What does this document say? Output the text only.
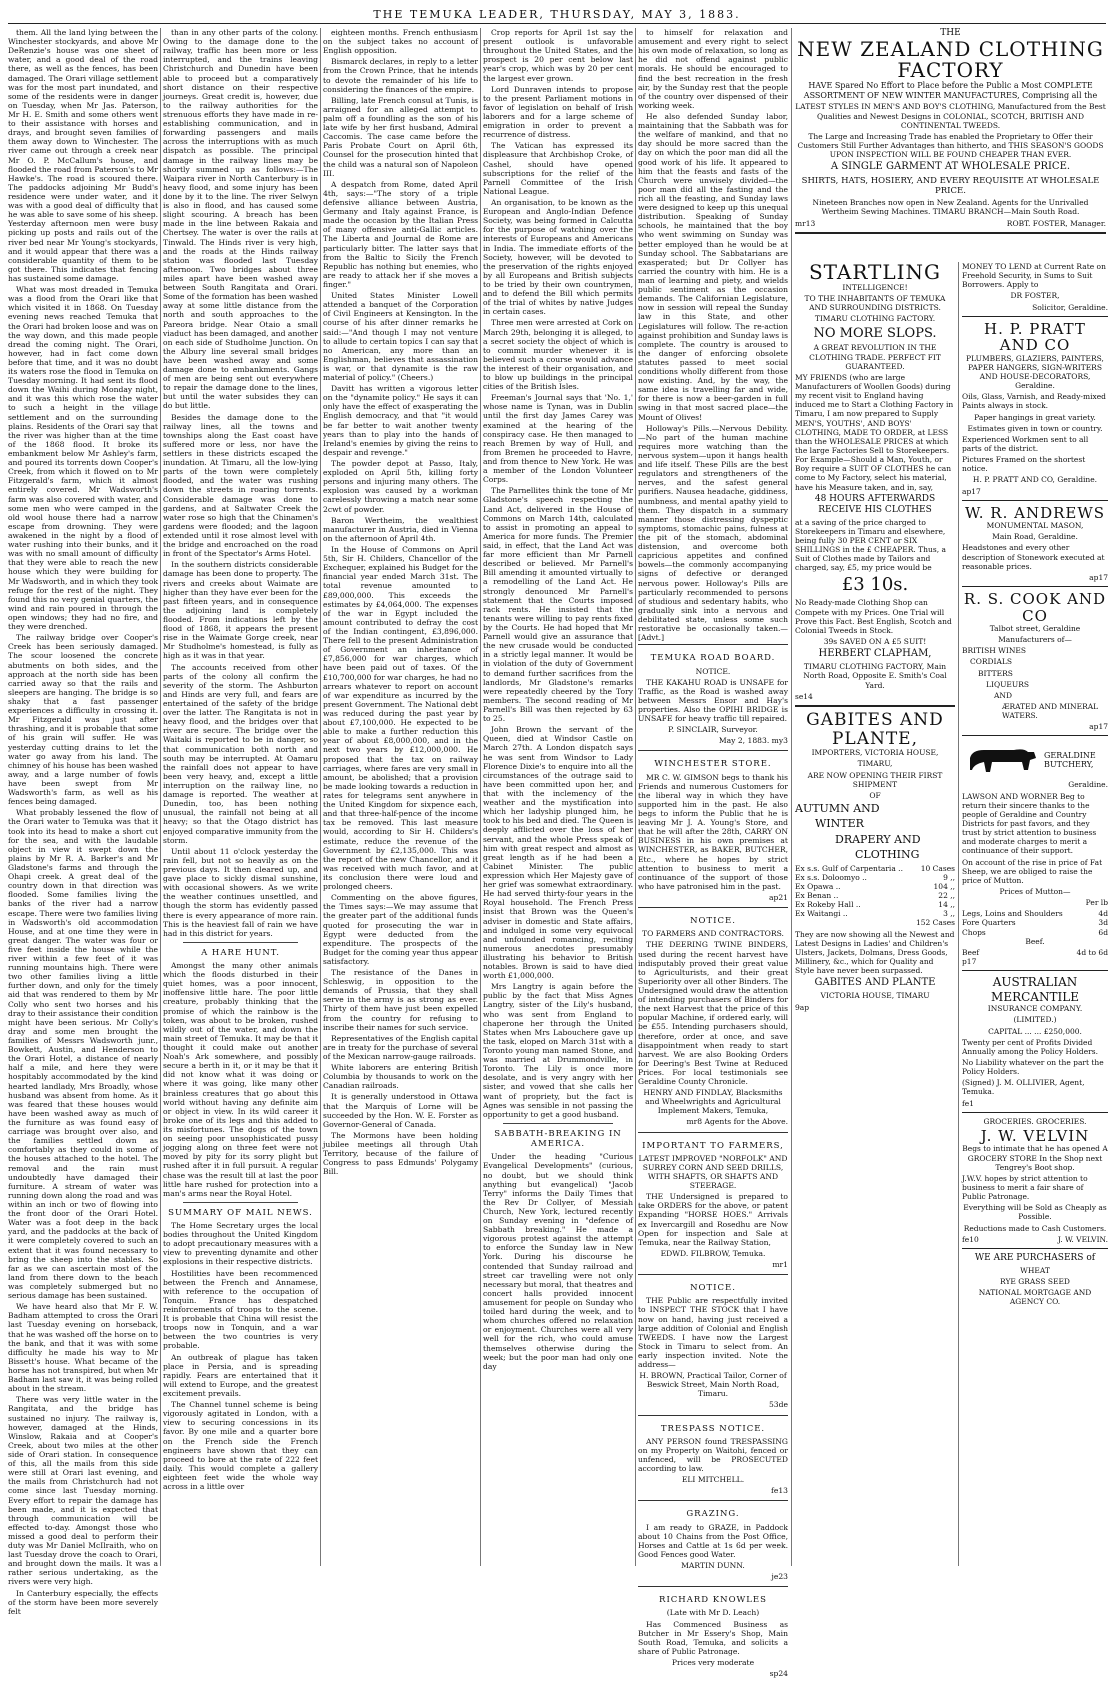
THE TEMUKA LEADER, THURSDAY, MAY 3, 1883.

them. All the land lying between the Winchester stockyards, and above Mr DeRenzie's house was one sheet of water, and a good deal of the road there, as well as the fences, has been damaged. The Orari village settlement was for the most part inundated, and some of the residents were in danger on Tuesday, when Mr Jas. Paterson, Mr H. E. Smith and some others went to their assistance with horses and drays, and brought seven families of them away down to Winchester. The river came out through a creek near Mr O. P. McCallum's house, and flooded the road from Paterson's to Mr Hawke's. The road is scoured there. The paddocks adjoining Mr Budd's residence were under water, and it was with a good deal of difficulty that he was able to save some of his sheep. Yesterday afternoon men were busy picking up posts and rails out of the river bed near Mr Young's stockyards, and it would appear that there was a considerable quantity of them to be got there. This indicates that fencing has sustained some damage.

What was most dreaded in Temuka was a flood from the Orari like that which visited it in 1868. On Tuesday evening news reached Temuka that the Orari had broken loose and was on the way down, and this made people dread the coming night. The Orari, however, had in fact come down before that time, and it was no doubt its waters rose the flood in Temuka on Tuesday morning. It had sent its flood down the Waihi during Monday night, and it was this which rose the water to such a height in the village settlement and on the surrounding plains. Residents of the Orari say that the river was higher than at the time of the 1868 flood. It broke its embankment below Mr Ashley's farm, and poured its torrents down Cooper's Creek, from which it flowed on to Mr Fitzgerald's farm, which it almost entirely covered. Mr Wadsworth's farm was also covered with water, and some men who were camped in the old wool house there had a narrow escape from drowning. They were awakened in the night by a flood of water rushing into their bunks, and it was with no small amount of difficulty that they were able to reach the new house which they were building for Mr Wadsworth, and in which they took refuge for the rest of the night. They found this no very genial quarters, the wind and rain poured in through the open windows; they had no fire, and they were drenched.

The railway bridge over Cooper's Creek has been seriously damaged. The scour loosened the concrete abutments on both sides, and the approach at the north side has been carried away so that the rails and sleepers are hanging. The bridge is so shaky that a fast passenger experiences a difficulty in crossing it. Mr Fitzgerald was just after thrashing, and it is probable that some of his grain will suffer. He was yesterday cutting drains to let the water go away from his land. The chimney of his house has been washed away, and a large number of fowls have been swept from Mr Wadsworth's farm, as well as his fences being damaged.

What probably lessened the flow of the Orari water to Temuka was that it took into its head to make a short cut for the sea, and with the laudable object in view it swept down the plains by Mr R. A. Barker's and Mr Gladstone's farms and through the Ohapi creek. A great deal of the country down in that direction was flooded. Some families living the banks of the river had a narrow escape. There were two families living in Wadsworth's old accommodation House, and at one time they were in great danger. The water was four or five feet inside the house while the river within a few feet of it was running mountains high. There were two other families living a little further down, and only for the timely aid that was rendered to them by Mr Colly who sent two horses and his dray to their assistance their condition might have been serious. Mr Colly's dray and some men brought the families of Messrs Wadsworth junr., Bowkett, Austin, and Henderson to the Orari Hotel, a distance of nearly half a mile, and here they were hospitably accommodated by the kind hearted landlady, Mrs Broadly, whose husband was absent from home. As it was feared that these houses would have been washed away as much of the furniture as was found easy of carriage was brought over also, and the families settled down as comfortably as they could in some of the houses attached to the hotel. The removal and the rain must undoubtedly have damaged their furniture. A stream of water was running down along the road and was within an inch or two of flowing into the front door of the Orari Hotel. Water was a foot deep in the back yard, and the paddocks at the back of it were completely covered to such an extent that it was found necessary to bring the sheep into the stables. So far as we can ascertain most of the land from there down to the beach was completely submerged but no serious damage has been sustained.

We have heard also that Mr F. W. Badham attempted to cross the Orari last Tuesday evening on horseback, that he was washed off the horse on to the bank, and that it was with some difficulty he made his way to Mr Bissett's house. What became of the horse has not transpired, but when Mr Badham last saw it, it was being rolled about in the stream.

There was very little water in the Rangitata, and the bridge has sustained no injury. The railway is, however, damaged at the Hinds, Winslow, Rakaia and at Cooper's Creek, about two miles at the other side of Orari station. In consequence of this, all the mails from this side were still at Orari last evening, and the mails from Christchurch had not come since last Tuesday morning. Every effort to repair the damage has been made, and it is expected that through communication will be effected to-day. Amongst those who missed a good deal to perform their duty was Mr Daniel McIlraith, who on last Tuesday drove the coach to Orari, and brought down the mails. It was a rather serious undertaking, as the rivers were very high.

In Canterbury especially, the effects of the storm have been more severely felt

than in any other parts of the colony. Owing to the damage done to the railway, traffic has been more or less interrupted, and the trains leaving Christchurch and Dunedin have been able to proceed but a comparatively short distance on their respective journeys. Great credit is, however, due to the railway authorities for the strenuous efforts they have made in re-establishing communication, and in forwarding passengers and mails across the interruptions with as much dispatch as possible. The principal damage in the railway lines may be shortly summed up as follows:—The Waipara river in North Canterbury is in heavy flood, and some injury has been done by it to the line. The river Selwyn is also in flood, and has caused some slight scouring. A breach has been made in the line between Rakaia and Chertsey. The water is over the rails at Tinwald. The Hinds river is very high, and the roads at the Hinds railway station was flooded last Tuesday afternoon. Two bridges about three miles apart have been washed away between South Rangitata and Orari. Some of the formation has been washed away at some little distance from the north and south approaches to the Pareora bridge. Near Otaio a small viaduct has been damaged, and another on each side of Studholme Junction. On the Albury line several small bridges have been washed away and some damage done to embankments. Gangs of men are being sent out everywhere to repair the damage done to the lines, but until the water subsides they can do but little.

Besides the damage done to the railway lines, all the towns and townships along the East coast have suffered more or less, nor have the settlers in these districts escaped the inundation. At Timaru, all the low-lying parts of the town were completely flooded, and the water was rushing down the streets in roaring torrents. Considerable damage was done to gardens, and at Saltwater Creek the water rose so high that the Chinamen's gardens were flooded; and the lagoon extended until it rose almost level with the bridge and encroached on the road in front of the Spectator's Arms Hotel.

In the southern districts considerable damage has been done to property. The rivers and creeks about Waimate are higher than they have ever been for the past fifteen years, and in consequence the adjoining land is completely flooded. From indications left by the flood of 1868, it appears the present rise in the Waimate Gorge creek, near Mr Studholme's homestead, is fully as high as it was in that year.

The accounts received from other parts of the colony all confirm the severity of the storm. The Ashburton and Hinds are very full, and fears are entertained of the safety of the bridge over the latter. The Rangitata is not in heavy flood, and the bridges over that river are secure. The bridge over the Waitaki is reported to be in danger, so that communication both north and south may be interrupted. At Oamaru the rainfall does not appear to have been very heavy, and, except a little interruption on the railway line, no damage is reported. The weather at Dunedin, too, has been nothing unusual, the rainfall not being at all heavy; so that the Otago district has enjoyed comparative immunity from the storm.

Until about 11 o'clock yesterday the rain fell, but not so heavily as on the previous days. It then cleared up, and gave place to sickly dismal sunshine, with occasional showers. As we write the weather continues unsettled, and though the storm has evidently passed there is every appearance of more rain. This is the heaviest fall of rain we have had in this district for years.

A HARE HUNT.

Amongst the many other animals which the floods disturbed in their quiet homes, was a poor innocent, inoffensive little hare. The poor little creature, probably thinking that the promise of which the rainbow is the token, was about to be broken, rushed wildly out of the water, and down the main street of Temuka. It may be that it thought it could make out another Noah's Ark somewhere, and possibly secure a berth in it, or it may be that it did not know what it was doing or where it was going, like many other brainless creatures that go about this world without having any definite aim or object in view. In its wild career it broke one of its legs and this added to its misfortunes. The dogs of the town on seeing poor unsophisticated pussy jogging along on three feet were not moved by pity for its sorry plight but rushed after it in full pursuit. A regular chase was the result till at last the poor little hare rushed for protection into a man's arms near the Royal Hotel.

SUMMARY OF MAIL NEWS.

The Home Secretary urges the local bodies throughout the United Kingdom to adopt precautionary measures with a view to preventing dynamite and other explosions in their respective districts.

Hostilities have been recommenced between the French and Annamese, with reference to the occupation of Tonquin. France has despatched reinforcements of troops to the scene. It is probable that China will resist the troops now in Tonquin, and a war between the two countries is very probable.

An outbreak of plague has taken place in Persia, and is spreading rapidly. Fears are entertained that it will extend to Europe, and the greatest excitement prevails.

The Channel tunnel scheme is being vigorously agitated in London, with a view to securing concessions in its favor. By one mile and a quarter bore on the French side the French engineers have shown that they can proceed to bore at the rate of 222 feet daily. This would complete a gallery eighteen feet wide the whole way across in a little over

eighteen months. French enthusiasm on the subject takes no account of English opposition.

Bismarck declares, in reply to a letter from the Crown Prince, that he intends to devote the remainder of his life to considering the finances of the empire.

Billing, late French consul at Tunis, is arraigned for an alleged attempt to palm off a foundling as the son of his late wife by her first husband, Admiral Caccomis. The case came before the Paris Probate Court on April 6th, Counsel for the prosecution hinted that the child was a natural son of Napoleon III.

A despatch from Rome, dated April 4th, says:—"The story of a triple defensive alliance between Austria, Germany and Italy against France, is made the occasion by the Italian Press of many offensive anti-Gallic articles. The Liberta and Journal de Rome are particularly bitter. The latter says that from the Baltic to Sicily the French Republic has nothing but enemies, who are ready to attack her if she moves a finger."

United States Minister Lowell attended a banquet of the Corporation of Civil Engineers at Kensington. In the course of his after dinner remarks he said:—"And though I may not venture to allude to certain topics I can say that no American, any more than an Englishman, believes that assassination is war, or that dynamite is the raw material of policy." (Cheers.)

Davitt has written a vigorous letter on the "dynamite policy." He says it can only have the effect of exasperating the English democracy, and that "it would be far better to wait another twenty years than to play into the hands of Ireland's enemies by giving the reins to despair and revenge."

The powder depot at Passo, Italy, exploded on April 5th, killing forty persons and injuring many others. The explosion was caused by a workman carelessly throwing a match near some 2cwt of powder.

Baron Wertheim, the wealthiest manufacturer in Austria, died in Vienna on the afternoon of April 4th.

In the House of Commons on April 5th, Sir H. Childers, Chancellor of the Exchequer, explained his Budget for the financial year ended March 31st. The total revenue amounted to £89,000,000. This exceeds the estimates by £4,064,000. The expenses of the war in Egypt included the amount contributed to defray the cost of the Indian contingent, £3,896,000. There fell to the present Administration of Government an inheritance of £7,856,000 for war charges, which have been paid out of taxes. Of the £10,700,000 for war charges, he had no arrears whatever to report on account of war expenditure as incurred by the present Government. The National debt was reduced during the past year by about £7,100,000. He expected to be able to make a further reduction this year of about £8,000,000, and in the next two years by £12,000,000. He proposed that the tax on railway carriages, where fares are very small in amount, be abolished; that a provision be made looking towards a reduction in rates for telegrams sent anywhere in the United Kingdom for sixpence each, and that three-half-pence of the income tax be removed. This last measure would, according to Sir H. Childers's estimate, reduce the revenue of the Government by £2,135,000. This was the report of the new Chancellor, and it was received with much favor, and at its conclusion there were loud and prolonged cheers.

Commenting on the above figures, the Times says:—We may assume that the greater part of the additional funds quoted for prosecuting the war in Egypt were deducted from the expenditure. The prospects of the Budget for the coming year thus appear satisfactory.

The resistance of the Danes in Schleswig, in opposition to the demands of Prussia, that they shall serve in the army is as strong as ever. Thirty of them have just been expelled from the country for refusing to inscribe their names for such service.

Representatives of the English capital are in treaty for the purchase of several of the Mexican narrow-gauge railroads.

White laborers are entering British Columbia by thousands to work on the Canadian railroads.

It is generally understood in Ottawa that the Marquis of Lorne will be succeeded by the Hon. W. E. Forster as Governor-General of Canada.

The Mormons have been holding jubilee meetings all through Utah Territory, because of the failure of Congress to pass Edmunds' Polygamy Bill.

Crop reports for April 1st say the present outlook is unfavorable throughout the United States, and the prospect is 20 per cent below last year's crop, which was by 20 per cent the largest ever grown.

Lord Dunraven intends to propose to the present Parliament motions in favor of legislation on behalf of Irish laborers and for a large scheme of emigration in order to prevent a recurrence of distress.

The Vatican has expressed its displeasure that Archbishop Croke, of Cashel, should have opened subscriptions for the relief of the Parnell Committee of the Irish National League.

An organisation, to be known as the European and Anglo-Indian Defence Society, was being formed in Calcutta for the purpose of watching over the interests of Europeans and Americans in India. The immediate efforts of the Society, however, will be devoted to the preservation of the rights enjoyed by all Europeans and British subjects to be tried by their own countrymen, and to defend the Bill which permits of the trial of whites by native Judges in certain cases.

Three men were arrested at Cork on March 29th, belonging it is alleged, to a secret society the object of which is to commit murder whenever it is believed such a course would advance the interest of their organisation, and to blow up buildings in the principal cities of the British Isles.

Freeman's Journal says that 'No. 1,' whose name is Tynan, was in Dublin until the first day James Carey was examined at the hearing of the conspiracy case. He then managed to reach Bremen by way of Hull, and from Bremen he proceeded to Havre, and from thence to New York. He was a member of the London Volunteer Corps.

The Parnellites think the tone of Mr Gladstone's speech respecting the Land Act, delivered in the House of Commons on March 14th, calculated to assist in promoting an appeal to America for more funds. The Premier said, in effect, that the Land Act was far more efficient than Mr Parnell described or believed. Mr Parnell's Bill amending it amounted virtually to a remodelling of the Land Act. He strongly denounced Mr Parnell's statement that the Courts imposed rack rents. He insisted that the tenants were willing to pay rents fixed by the Courts. He had hoped that Mr Parnell would give an assurance that the new crusade would be conducted in a strictly legal manner. It would be in violation of the duty of Government to demand further sacrifices from the landlords, Mr Gladstone's remarks were repeatedly cheered by the Tory members. The second reading of Mr Parnell's Bill was then rejected by 63 to 25.

John Brown the servant of the Queen, died at Windsor Castle on March 27th. A London dispatch says he was sent from Windsor to Lady Florence Dixie's to enquire into all the circumstances of the outrage said to have been committed upon her, and that with the inclemency of the weather and the mystification into which her ladyship plunged him, he took to his bed and died. The Queen is deeply afflicted over the loss of her servant, and the whole Press speak of him with great respect and almost as great length as if he had been a Cabinet Minister. The public expression which Her Majesty gave of her grief was somewhat extraordinary. He had served thirty-four years in the Royal household. The French Press insist that Brown was the Queen's adviser in domestic and State affairs, and indulged in some very equivocal and unfounded romancing, reciting numerous anecdotes presumably illustrating his behavior to British notables. Brown is said to have died worth £1,000,000.

Mrs Langtry is again before the public by the fact that Miss Agnes Langtry, sister of the Lily's husband, who was sent from England to chaperone her through the United States when Mrs Labouchere gave up the task, eloped on March 31st with a Toronto young man named Stone, and was married at Drummondville, in Toronto. The Lily is once more desolate, and is very angry with her sister, and vowed that she calls her want of propriety, but the fact is Agnes was sensible in not passing the opportunity to get a good husband.

SABBATH-BREAKING IN AMERICA.

Under the heading "Curious Evangelical Developments" (curious, no doubt, but we should think anything but evangelical) "Jacob Terry" informs the Daily Times that the Rev Dr Collyer, of Messiah Church, New York, lectured recently on Sunday evening in "defence of Sabbath breaking." He made a vigorous protest against the attempt to enforce the Sunday law in New York. During his discourse he contended that Sunday railroad and street car travelling were not only necessary but moral, that theatres and concert halls provided innocent amusement for people on Sunday who toiled hard during the week, and to whom churches offered no relaxation or enjoyment. Churches were all very well for the rich, who could amuse themselves otherwise during the week; but the poor man had only one day

to himself for relaxation and amusement and every right to select his own mode of relaxation, so long as he did not offend against public morals. He should be encouraged to find the best recreation in the fresh air, by the Sunday rest that the people of the country over dispensed of their working week.

He also defended Sunday labor, maintaining that the Sabbath was for the welfare of mankind, and that no day should be more sacred than the day on which the poor man did all the good work of his life. It appeared to him that the feasts and fasts of the Church were unwisely divided—the poor man did all the fasting and the rich all the feasting, and Sunday laws were designed to keep up this unequal distribution. Speaking of Sunday schools, he maintained that the boy who went swimming on Sunday was better employed than he would be at Sunday school. The Sabbatarians are exasperated; but Dr Collyer has carried the country with him. He is a man of learning and piety, and wields public sentiment as the occasion demands. The Californian Legislature, now in session will repeal the Sunday law in this State, and other Legislatures will follow. The re-action against prohibition and Sunday laws is complete. The country is aroused to the danger of enforcing obsolete statutes passed to meet social conditions wholly different from those now existing. And, by the way, the same idea is travelling far and wide, for there is now a beer-garden in full swing in that most sacred place—the Mount of Olives!

Holloway's Pills.—Nervous Debility.—No part of the human machine requires more watching than the nervous system—upon it hangs health and life itself. These Pills are the best regulators and strengtheners of the nerves, and the safest general purifiers. Nausea headache, giddiness, numbness, and mental apathy yield to them. They dispatch in a summary manner those distressing dyspeptic symptoms, stomachic pains, fulness at the pit of the stomach, abdominal distension, and overcome both capricious appetites and confined bowels—the commonly accompanying signs of defective or deranged nervous power. Holloway's Pills are particularly recommended to persons of studious and sedentary habits, who gradually sink into a nervous and debilitated state, unless some such restorative be occasionally taken.—[Advt.]

TEMUKA ROAD BOARD.

NOTICE.

THE KAKAHU ROAD is UNSAFE for Traffic, as the Road is washed away between Messrs Ensor and Hay's properties. Also the OPIHI BRIDGE is UNSAFE for heavy traffic till repaired.

P. SINCLAIR, Surveyor.

May 2, 1883. my3

WINCHESTER STORE.

MR C. W. GIMSON begs to thank his Friends and numerous Customers for the liberal way in which they have supported him in the past. He also begs to inform the Public that he is leaving Mr J. A. Young's Store, and that he will after the 28th, CARRY ON BUSINESS in his own premises at WINCHESTER, as BAKER, BUTCHER, Etc., where he hopes by strict attention to business to merit a continuance of the support of those who have patronised him in the past.

ap21

NOTICE.

TO FARMERS AND CONTRACTORS.

THE DEERING TWINE BINDERS, used during the recent harvest have indisputably proved their great value to Agriculturists, and their great Superiority over all other Binders. The Undersigned would draw the attention of intending purchasers of Binders for the next Harvest that the price of this popular Machine, if ordered early, will be £55. Intending purchasers should, therefore, order at once, and save disappointment when ready to start harvest. We are also Booking Orders for Deering's Best Twine at Reduced Prices. For local testimonials see Geraldine County Chronicle.

HENRY AND FINDLAY, Blacksmiths and Wheelwrights and Agricultural Implement Makers, Temuka,

mr8 Agents for the Above.

IMPORTANT TO FARMERS,

LATEST IMPROVED "NORFOLK" AND SURREY CORN AND SEED DRILLS, WITH SHAFTS, OR SHAFTS AND STEERAGE.

THE Undersigned is prepared to take ORDERS for the above, or patent Expanding "HORSE HOES." Arrivals ex Invercargill and Rosedhu are Now Open for inspection and Sale at Temuka, near the Railway Station,

EDWD. FILBROW, Temuka.

mr1

NOTICE.

THE Public are respectfully invited to INSPECT THE STOCK that I have now on hand, having just received a large addition of Colonial and English TWEEDS. I have now the Largest Stock in Timaru to select from. An early inspection invited. Note the address—

H. BROWN, Practical Tailor, Corner of Beswick Street, Main North Road, Timaru.

53de

TRESPASS NOTICE.

ANY PERSON found TRESPASSING on my Property on Waitohi, fenced or unfenced, will be PROSECUTED according to law.

ELI MITCHELL.

fe13

GRAZING.

I am ready to GRAZE, in Paddock about 10 Chains from the Post Office, Horses and Cattle at 1s 6d per week. Good Fences good Water.

MARTIN DUNN.

je23

RICHARD KNOWLES

(Late with Mr D. Leach)

Has Commenced Business as Butcher in Mr Essery's Shop, Main South Road, Temuka, and solicits a share of Public Patronage.

Prices very moderate

sp24

THE
NEW ZEALAND CLOTHING FACTORY

HAVE Spared No Effort to Place before the Public a Most COMPLETE ASSORTMENT OF NEW WINTER MANUFACTURES, Comprising all the

LATEST STYLES IN MEN'S AND BOY'S CLOTHING, Manufactured from the Best Qualities and Newest Designs in COLONIAL, SCOTCH, BRITISH AND CONTINENTAL TWEEDS.

The Large and Increasing Trade has enabled the Proprietary to Offer their Customers Still Further Advantages than hitherto, and THIS SEASON'S GOODS UPON INSPECTION WILL BE FOUND CHEAPER THAN EVER.

A SINGLE GARMENT AT WHOLESALE PRICE.

SHIRTS, HATS, HOSIERY, AND EVERY REQUISITE AT WHOLESALE PRICE.

Nineteen Branches now open in New Zealand. Agents for the Unrivalled Wertheim Sewing Machines. TIMARU BRANCH—Main South Road.

mr13	ROBT. FOSTER, Manager.
STARTLING

INTELLIGENCE!

TO THE INHABITANTS OF TEMUKA AND SURROUNDING DISTRICTS.

TIMARU CLOTHING FACTORY.

NO MORE SLOPS.

A GREAT REVOLUTION IN THE CLOTHING TRADE. PERFECT FIT GUARANTEED.

MY FRIENDS (who are large Manufacturers of Woollen Goods) during my recent visit to England having induced me to Start a Clothing Factory in Timaru, I am now prepared to Supply MEN'S, YOUTHS', AND BOYS' CLOTHING, MADE TO ORDER, at LESS than the WHOLESALE PRICES at which the large Factories Sell to Storekeepers. For Example—Should a Man, Youth, or Boy require a SUIT OF CLOTHES he can come to My Factory, select his material, have his Measure taken, and in, say,

48 HOURS AFTERWARDS RECEIVE HIS CLOTHES

at a saving of the price charged to Storekeepers in Timaru and elsewhere, being fully 30 PER CENT or SIX SHILLINGS in the £ CHEAPER. Thus, a Suit of Clothes made by Tailors and charged, say, £5, my price would be

£3 10s.

No Ready-made Clothing Shop can Compete with my Prices. One Trial will Prove this Fact. Best English, Scotch and Colonial Tweeds in Stock.

39s SAVED ON A £5 SUIT!

HERBERT CLAPHAM,

TIMARU CLOTHING FACTORY, Main North Road, Opposite E. Smith's Coal Yard.

se14

GABITES AND PLANTE,

IMPORTERS, VICTORIA HOUSE,

TIMARU,

ARE NOW OPENING THEIR FIRST SHIPMENT

OF

AUTUMN AND

WINTER

DRAPERY AND

CLOTHING

Ex s.s. Gulf of Carpentaria .. 10 Cases
Ex s.s. Doloomyo ..	9 ,,
Ex Opawa ..	104 ,,
Ex Benan ..	22 ,,
Ex Rokeby Hall ..	14 ,,
Ex Waitangi ..	3 ,,

152 Cases

They are now showing all the Newest and Latest Designs in Ladies' and Children's Ulsters, Jackets, Dolmans, Dress Goods, Millinery, &c., which for Quality and Style have never been surpassed.

GABITES AND PLANTE

VICTORIA HOUSE, TIMARU

9ap

MONEY TO LEND at Current Rate on Freehold Security, in Sums to Suit Borrowers. Apply to

DR FOSTER,

Solicitor, Geraldine.

H. P. PRATT AND CO

PLUMBERS, GLAZIERS, PAINTERS, PAPER HANGERS, SIGN-WRITERS AND HOUSE-DECORATORS, Geraldine.

Oils, Glass, Varnish, and Ready-mixed Paints always in stock.

Paper hangings in great variety.

Estimates given in town or country.

Experienced Workmen sent to all parts of the district.

Pictures Framed on the shortest notice.

H. P. PRATT AND CO, Geraldine.

ap17

W. R. ANDREWS

MONUMENTAL MASON,

Main Road, Geraldine.

Headstones and every other description of Stonework executed at reasonable prices.

ap17

R. S. COOK AND CO

Talbot street, Geraldine

Manufacturers of—

BRITISH WINES

CORDIALS

BITTERS

LIQUEURS

AND

ÆRATED AND MINERAL WATERS.

ap17

GERALDINE BUTCHERY,

Geraldine.

LAWSON AND WORNER Beg to return their sincere thanks to the people of Geraldine and Country Districts for past favors, and they trust by strict attention to business and moderate charges to merit a continuance of their support.

On account of the rise in price of Fat Sheep, we are obliged to raise the price of Mutton.

Prices of Mutton—

Per lb

Legs, Loins and Shoulders	4d
Fore Quarters	3d
Chops	6d

Beef.

Beef	4d to 6d

p17

AUSTRALIAN MERCANTILE

INSURANCE COMPANY.

(LIMITED.)

CAPITAL ... ... £250,000.

Twenty per cent of Profits Divided Annually among the Policy Holders.

No Liability whatever on the part the Policy Holders.

(Signed) J. M. OLLIVIER, Agent, Temuka.

fe1

GROCERIES. GROCERIES.

J. W. VELVIN

Begs to intimate that he has opened A GROCERY STORE In the Shop next Tengrey's Boot shop.

J.W.V. hopes by strict attention to business to merit a fair share of Public Patronage.

Everything will be Sold as Cheaply as Possible.

Reductions made to Cash Customers.

fe10	J. W. VELVIN.

WE ARE PURCHASERS of

WHEAT

RYE GRASS SEED

NATIONAL MORTGAGE AND AGENCY CO.
